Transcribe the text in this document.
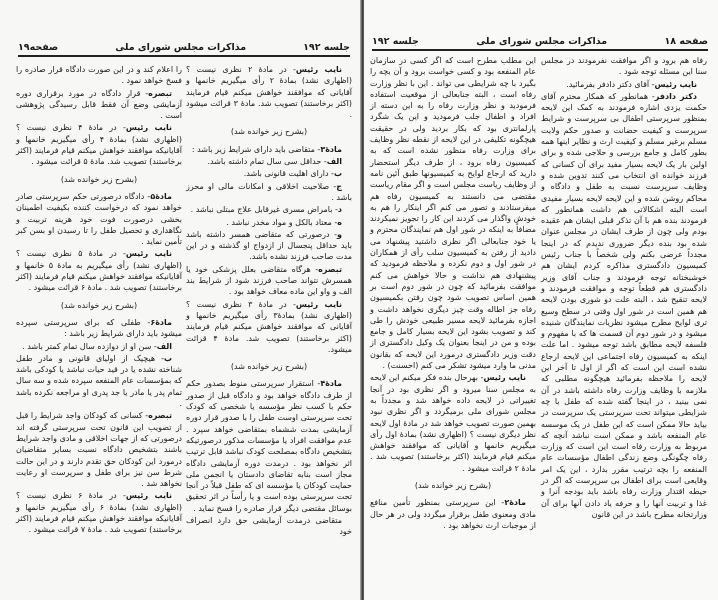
صفحه۱۹	مذاکرات مجلس شورای ملی	جلسه ۱۹۲

نایب رئیس- در مادهٔ ۲ نظری نیست ؟ (اظهاری نشد) بمادهٔ ۲ رأی میگیریم خانمها و آقایانی که موافقند خواهش میکنم قیام فرمایند (اکثر برخاستند) تصویب شد. مادهٔ ۳ قرائت میشود .

(بشرح زیر خوانده شد)

مادهٔ۳- متقاضی باید دارای شرایط زیر باشد :

الف- حداقل سی سال تمام داشته باشد.

ب- دارای اهلیت قانونی باشد.

ج- صلاحیت اخلاقی و امکانات مالی او محرز باشد .

د- بامراض مسری غیرقابل علاج مبتلی نباشد .

ه- معتاد بالکل و مواد مخدر نباشد .

و- درصورتی که متقاضی همسر داشته باشد باید حداقل پنجسال از ازدواج او گذشته و در این مدت صاحب فرزند نشده باشد.

تبصره- هرگاه متقاضی بعلل پزشکی خود یا همسرش نتواند صاحب فرزند شود از شرایط بند الف و واو این ماده معاف خواهد بود .

نایب رئیس- در مادهٔ ۳ نظری نیست ؟ (اظهاری نشد) بمادهٔ۳ رأی میگیریم خانمها و آقایانی که موافقند خواهش میکنم قیام فرمایند (اکثر برخاستند) تصویب شد. مادهٔ ۴ قرائت میشود.

(بشرح زیر خوانده شد)

مادهٔ۴- استقرار سرپرستی منوط بصدور حکم از طرف دادگاه خواهد بود و دادگاه قبل از صدور حکم با کسب نظر مؤسسه یا شخصی که کودک تحت سرپرستی اوست طفل را با صدور قرار دوره آزمایشی بمدت ششماه بمتقاضی خواهد سپرد . عدم موافقت افراد یا مؤسسات مذکور درصورتیکه بتشخیص دادگاه بمصلحت کودک نباشد قابل ترتیب اثر نخواهد بود . درمدت دوره آزمایشی دادگاه مجاز است بنابه تقاضای دادستان یا انجمن ملی حمایت کودکان یا مؤسسه ای که طفل قبلاً در آنجا تحت سرپرستی بوده است و یا رأساً در اثر تحقیق بوسائل مقتضی دیگر قرار صادره را فسخ نماید .

متقاضی درمدت آزمایشی حق دارد انصراف خود

را اعلام کند و در این صورت دادگاه قرار صادره را فسخ خواهد نمود .

تبصره- قرار دادگاه در مورد برقراری دوره آزمایشی وضع آن فقط قابل رسیدگی پژوهشی است .

نایب رئیس- در مادهٔ ۴ نظری نیست ؟ (اظهاری نشد) بمادهٔ ۴ رأی میگیریم خانمها و آقایانیکه موافقند خواهش میکنم قیام فرمایند (اکثر برخاستند) تصویب شد. مادهٔ ۵ قرائت میشود .

(بشرح زیر خوانده شد)

مادهٔ۵- دادگاه درصورتی حکم سرپرستی صادر خواهد نمود که درخواست کننده بکیفیت اطمینان بخشی درصورت فوت خود هزینه تربیت و نگاهداری و تحصیل طفل را تا رسیدن او بسن کبر تأمین نماید .

نایب رئیس- در مادهٔ ۵ نظری نیست ؟ (اظهاری نشد) رأی میگیریم به مادهٔ ۵ خانمها و آقایانیکه موافقند خواهش میکنم قیام فرمایند (اکثر برخاستند) تصویب شد . مادهٔ ۶ قرائت میشود .

(بشرح زیر خوانده شد)

مادهٔ۶- طفلی که برای سرپرستی سپرده میشود باید دارای شرایط زیر باشد :

الف- سن او از دوازده سال تمام کمتر باشد .

ب- هیچیک از اولیای قانونی و مادر طفل شناخته نشده یا در قید حیات نباشد یا کودکی باشد که بمؤسسات عام المنفعه سپرده شده و سه سال تمام پدر یا مادر یا جد پدری او مراجعه نکرده باشد .

تبصره- کسانی که کودکان واجد شرایط را قبل از تصویب این قانون تحت سرپرستی گرفته اند درصورتی که از جهات اخلاقی و مادی واجد شرایط باشند بتشخیص دادگاه نسبت بسایر متقاضیان درمورد این کودکان حق تقدم دارند و در این حالت شرط سن نیز برای طفل و سرپرست او رعایت نخواهد شد .

نایب رئیس- در مادهٔ ۶ نظری نیست ؟ (اظهاری نشد) بمادهٔ ۶ رأی میگیریم خانمها و آقایانیکه موافقند خواهش میکنم قیام فرمایند (اکثر برخاستند) تصویب شد . مادهٔ ۷ قرائت میشود .

جلسه ۱۹۲	مذاکرات مجلس شورای ملی	صفحه ۱۸

رفاه هم برود و اگر موافقت نفرمودند در مجلس سنا این مسئله توجه شود .

نایب رئیس- آقای دکتر دادفر بفرمائید.

دکتر دادفر- همانطور که همکار محترم آقای حکمت یزدی اشاره فرمودند به کمک این لایحه بمنظور سرپرستی اطفال بی سرپرست و شرایط سرپرست و کیفیت حضانت و صدور حکم ولایت مسلم برغیر مسلم و کیفیت ارث و نظایر اینها همه بطور کامل و جامع بررسی و حلاجی شده و برای اولین بار یک لایحه بسیار مفید برای آن کسانی که فرزند خوانده ای انتخاب می کنند تدوین شده و وظایف سرپرست نسبت به طفل و دادگاه و محاکم روشن شده و این لایحه لایحه بسیار مفیدی است البته اشکالاتی هم داشت همانطور که فرمودند بنده هم با آن تذکر قبلی ایشان هم عقیده بودم ولی چون از طرف ایشان در مجلس عنوان شده بود بنده دیگر ضروری ندیدم که در اینجا مجدداً عرضی بکنم ولی شخصاً با جناب رئیس کمیسیون دادگستری مذاکره کردم ایشان هم خوشبختانه توجه فرمودند و جناب آقای وزیر دادگستری هم قطعاً توجه و موافقت فرمودند و لایحه تنقیح شد ، البته علت دو شوری بودن لایحه هم همین است در شور اول وقتی در سطح وسیع تری لوایح مطرح میشود نظریات نمایندگان شنیده میشود و در شور دوم آن قسمت ها که با مفهوم و فلسفه لایحه مطابق باشد توجه میشود . اما علت اینکه به کمیسیون رفاه اجتماعی این لایحه ارجاع نشده است این است که اگر از اول تا آخر این لایحه را ملاحظه بفرمائید هیچگونه مطلبی که ملازمه با وظایف وزارت رفاه داشته باشد در آن نمی بینید ، در اینجا گفته شده که طفل با چه شرایطی میتواند تحت سرپرستی یک سرپرست در بیاید حالا ممکن است که این طفل در یک موسسه عام المنفعه باشد و ممکن است نباشد آنچه که مربوط به وزارت رفاه است این است که وزارت رفاه چگونگی وضع زندگی اطفال مؤسسات عام المنفعه را بچه ترتیب مقرر بدارد ، این یک امر وقایعی است برای اطفال بی سرپرست که اگر در حیطه اقتدار وزارت رفاه باشد باید بودجه آنرا و غذا و تربیت آنها را و حرفه یاد دادن آنها برای آن وزارتخانه مطرح باشد در این قانون

این مطلب مطرح است که اگر کسی در سازمان عام المنفعه بود و کسی خواست برود و آن بچه را بگیرد با چه شرایطی می تواند . این با نظر وزارت رفاه است ، البته جنابعالی از موقعیت استفاده فرمودید و نظر وزارت رفاه را به این دسته از افراد و اطفال جلب فرمودید و این یک شگرد پارلمانتری بود که بکار بردید ولی در حقیقت هیچگونه تکلیفی در این لایحه از نقطه نظر وظایف برای وزارت رفاه منظور نشده است که به کمیسیون رفاه برود ، از طرف دیگر استحضار دارید که ارجاع لوایح به کمیسیونها طبق آئین نامه از وظایف ریاست مجلس است و اگر مقام ریاست مقتضی می دانستند به کمیسیون رفاه هم میفرستادند و تصور می کنم اگر اینکار را هم به خودش واگذار می کردند این کار را تجویز نمیکردند مضافاً به اینکه در شور اول هم نمایندگان محترم و یا خود جنابعالی اگر نظری داشتید پیشنهاد می دادید از رفتن به کمیسیون سلب رأی از همکاران در شور اول و دوم نکرده و ملاحظه فرمودید که پیشنهادی هم نداشت و حالا خواهش می کنم موافقت بفرمائید که چون در شور دوم است بر همین اساس تصویب شود چون رفتن بکمیسیون رفاه جز اطاله وقت چیز دیگری نخواهد داشت و اجازه بفرمائید لایحه مسیر طبیعی خودش را طی کند و تصویب بشود این لایحه بسیار کامل و جامع بوده و من در اینجا بعنوان یک وکیل دادگستری از دقت وزیر دادگستری درمورد این لایحه که بقانون مدنی ما وارد میشود تشکر می کنم (احسنت) .

نایب رئیس- بهرحال بنده فکر میکنم این لایحه به مجلس سنا میرود و اگر نظری بود در آنجا تغییراتی در لایحه داده خواهد شد و مجدداً به مجلس شورای ملی برمیگردد و اگر نظری نبود بهمین صورت تصویب خواهد شد در مادهٔ اول لایحه نظر دیگری نیست ؟ (اظهاری نشد) بمادهٔ اول رأی میگیریم خانمها و آقایانی که موافقند خواهش میکنم قیام فرمایند (اکثر برخاستند) تصویب شد . مادهٔ ۲ قرائت میشود .

(بشرح زیر خوانده شد)

مادهٔ۲- این سرپرستی بمنظور تأمین منافع مادی ومعنوی طفل برقرار میگردد ولی در هر حال از موجبات ارث نخواهد بود .
